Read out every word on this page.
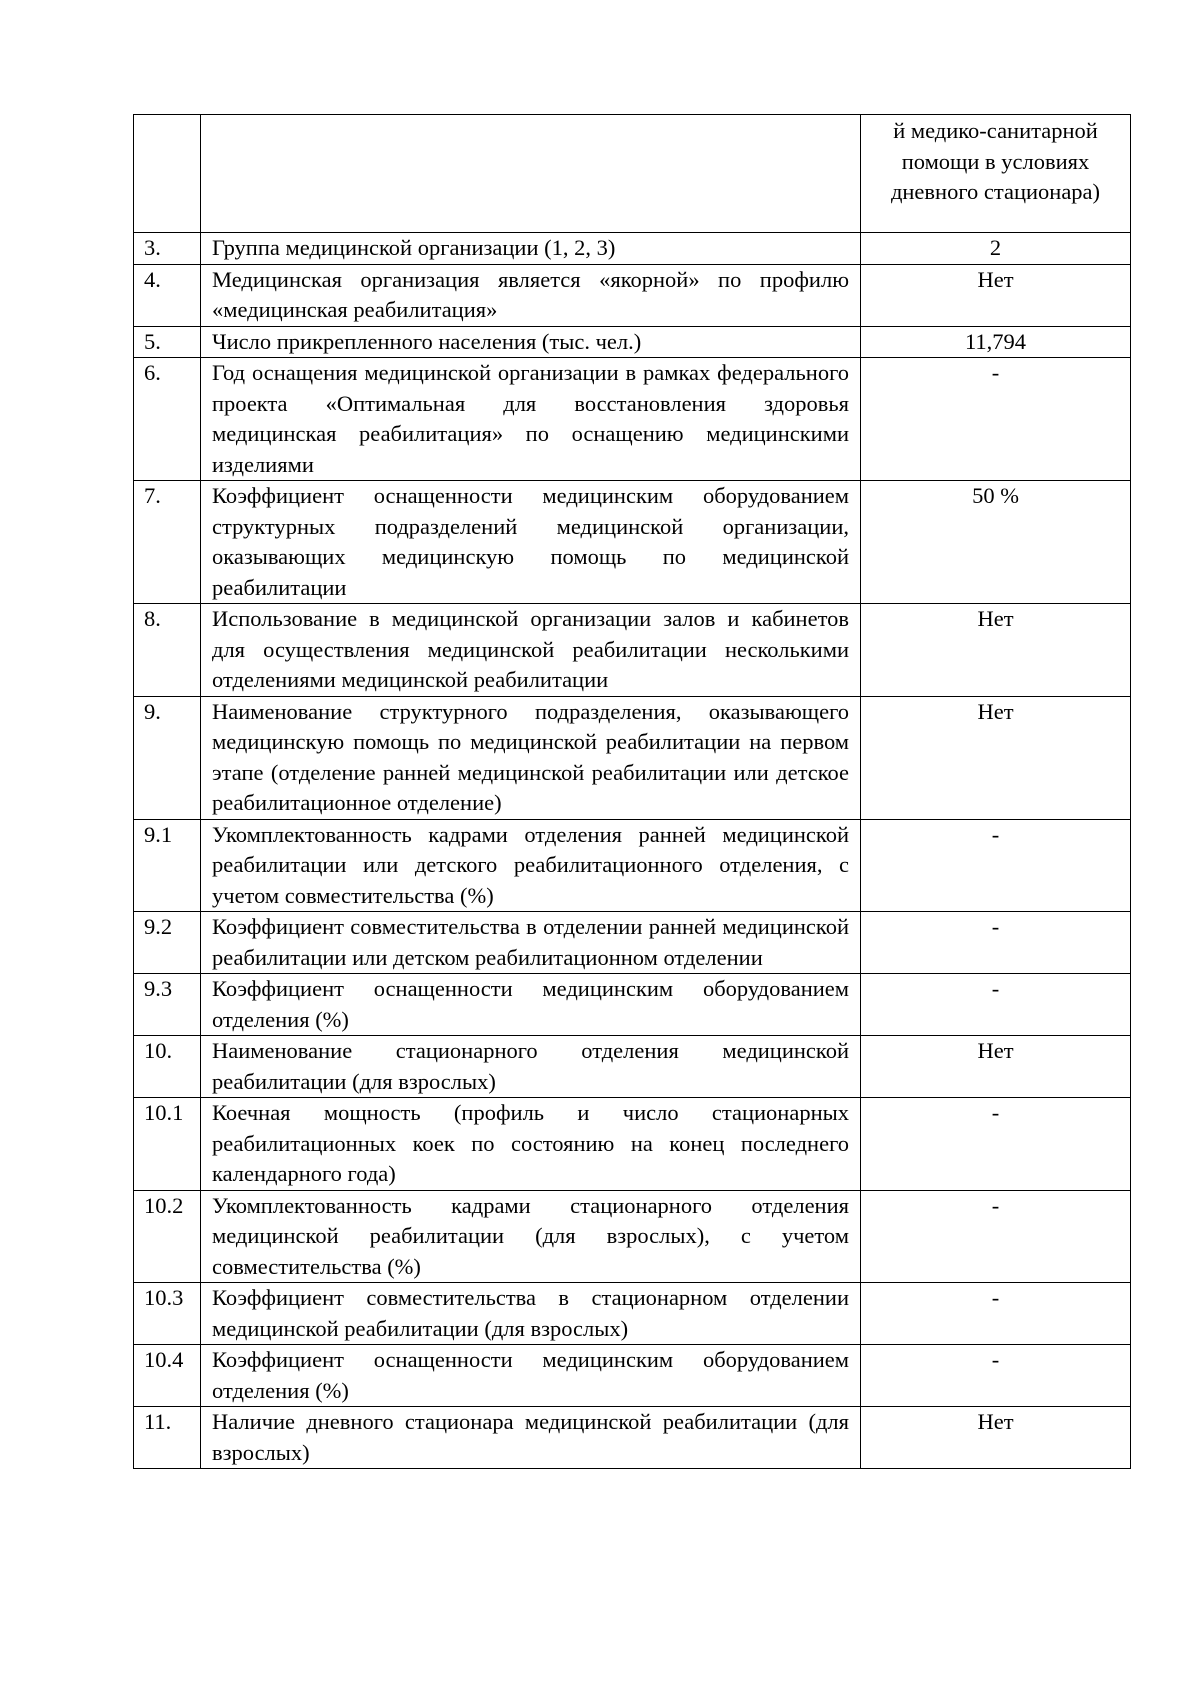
		й медико-санитарной помощи в условиях дневного стационара)

3.	Группа медицинской организации (1, 2, 3)	2
4.	Медицинская организация является «якорной» по профилю «медицинская реабилитация»	Нет
5.	Число прикрепленного населения (тыс. чел.)	11,794
6.	Год оснащения медицинской организации в рамках федерального проекта «Оптимальная для восстановления здоровья медицинская реабилитация» по оснащению медицинскими изделиями	-
7.	Коэффициент оснащенности медицинским оборудованием структурных подразделений медицинской организации, оказывающих медицинскую помощь по медицинской реабилитации	50 %
8.	Использование в медицинской организации залов и кабинетов для осуществления медицинской реабилитации несколькими отделениями медицинской реабилитации	Нет
9.	Наименование структурного подразделения, оказывающего медицинскую помощь по медицинской реабилитации на первом этапе (отделение ранней медицинской реабилитации или детское реабилитационное отделение)	Нет
9.1	Укомплектованность кадрами отделения ранней медицинской реабилитации или детского реабилитационного отделения, с учетом совместительства (%)	-
9.2	Коэффициент совместительства в отделении ранней медицинской реабилитации или детском реабилитационном отделении	-
9.3	Коэффициент оснащенности медицинским оборудованием отделения (%)	-
10.	Наименование стационарного отделения медицинской реабилитации (для взрослых)	Нет
10.1	Коечная мощность (профиль и число стационарных реабилитационных коек по состоянию на конец последнего календарного года)	-
10.2	Укомплектованность кадрами стационарного отделения медицинской реабилитации (для взрослых), с учетом совместительства (%)	-
10.3	Коэффициент совместительства в стационарном отделении медицинской реабилитации (для взрослых)	-
10.4	Коэффициент оснащенности медицинским оборудованием отделения (%)	-
11.	Наличие дневного стационара медицинской реабилитации (для взрослых)	Нет
